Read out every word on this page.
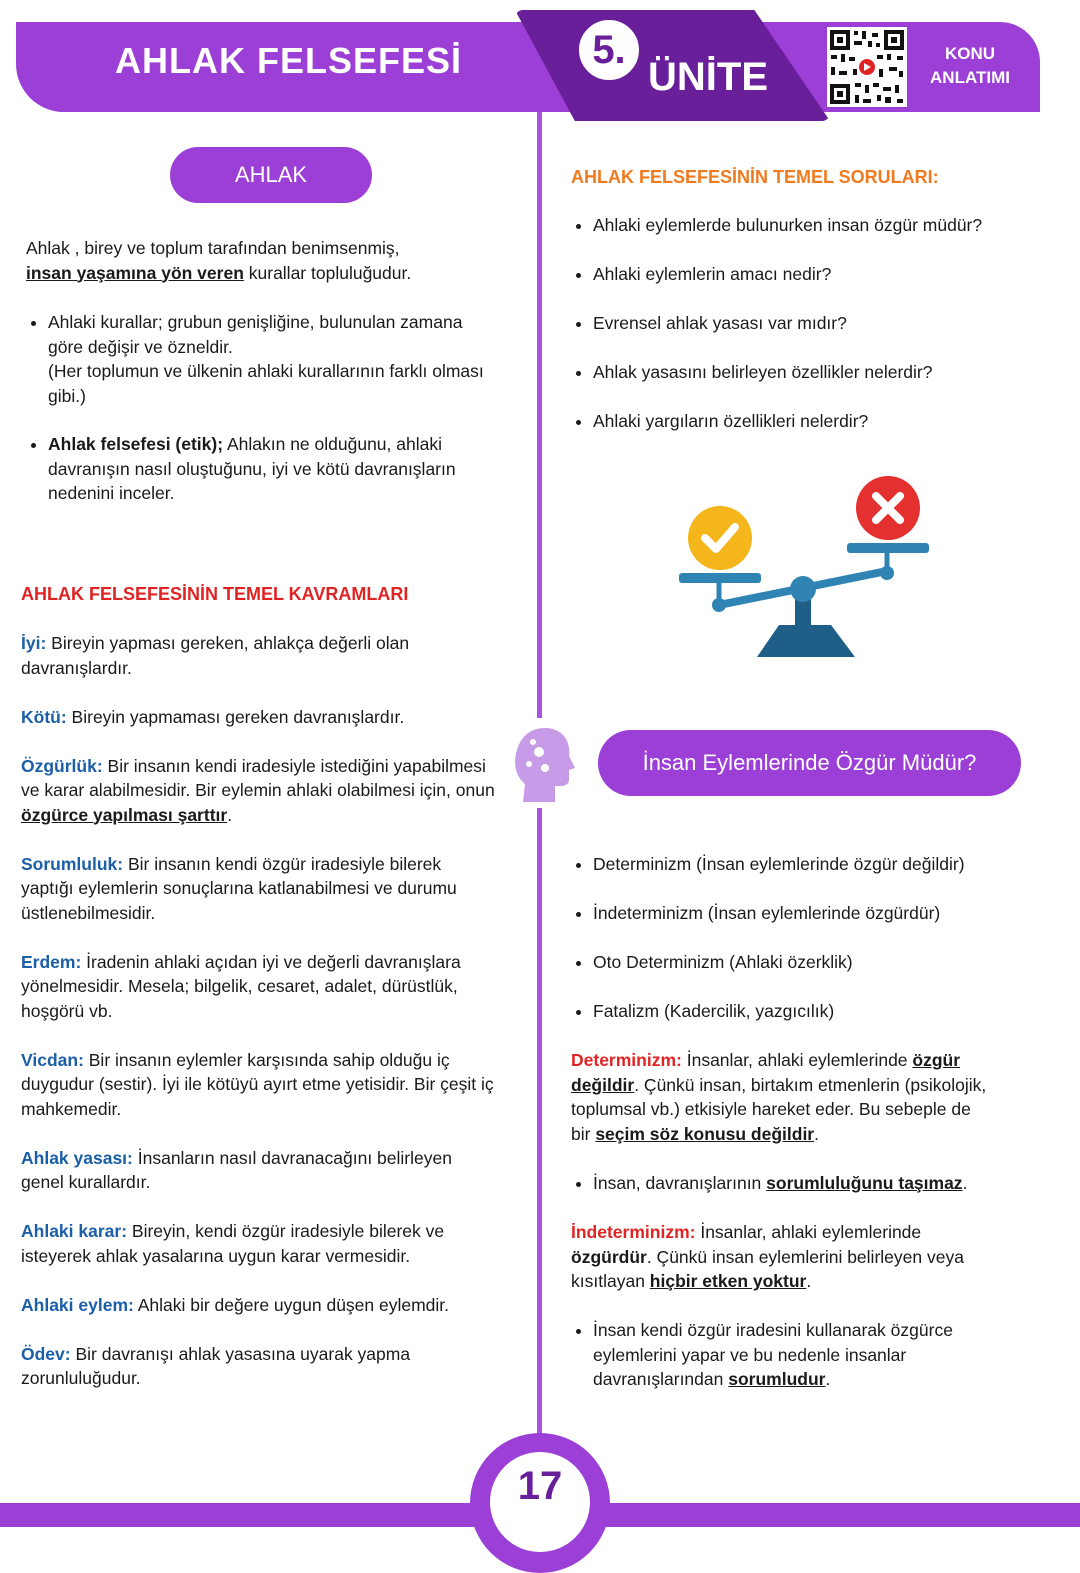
AHLAK FELSEFESİ	5.
ÜNİTE
KONU
ANLATIMI
AHLAK
Ahlak , birey ve toplum tarafından benimsenmiş,
insan yaşamına yön veren kurallar topluluğudur.
• Ahlaki kurallar; grubun genişliğine, bulunulan zamana göre değişir ve özneldir.
(Her toplumun ve ülkenin ahlaki kurallarının farklı olması gibi.)
• Ahlak felsefesi (etik); Ahlakın ne olduğunu, ahlaki davranışın nasıl oluştuğunu, iyi ve kötü davranışların nedenini inceler.
AHLAK FELSEFESİNİN TEMEL KAVRAMLARI
İyi: Bireyin yapması gereken, ahlakça değerli olan davranışlardır.
Kötü: Bireyin yapmaması gereken davranışlardır.
Özgürlük: Bir insanın kendi iradesiyle istediğini yapabilmesi ve karar alabilmesidir. Bir eylemin ahlaki olabilmesi için, onun özgürce yapılması şarttır.
Sorumluluk: Bir insanın kendi özgür iradesiyle bilerek yaptığı eylemlerin sonuçlarına katlanabilmesi ve durumu üstlenebilmesidir.
Erdem: İradenin ahlaki açıdan iyi ve değerli davranışlara yönelmesidir. Mesela; bilgelik, cesaret, adalet, dürüstlük, hoşgörü vb.
Vicdan: Bir insanın eylemler karşısında sahip olduğu iç duygudur (sestir). İyi ile kötüyü ayırt etme yetisidir. Bir çeşit iç mahkemedir.
Ahlak yasası: İnsanların nasıl davranacağını belirleyen genel kurallardır.
Ahlaki karar: Bireyin, kendi özgür iradesiyle bilerek ve isteyerek ahlak yasalarına uygun karar vermesidir.
Ahlaki eylem: Ahlaki bir değere uygun düşen eylemdir.
Ödev: Bir davranışı ahlak yasasına uyarak yapma zorunluluğudur.
AHLAK FELSEFESİNİN TEMEL SORULARI:
• Ahlaki eylemlerde bulunurken insan özgür müdür?
• Ahlaki eylemlerin amacı nedir?
• Evrensel ahlak yasası var mıdır?
• Ahlak yasasını belirleyen özellikler nelerdir?
• Ahlaki yargıların özellikleri nelerdir?
İnsan Eylemlerinde Özgür Müdür?
• Determinizm (İnsan eylemlerinde özgür değildir)
• İndeterminizm (İnsan eylemlerinde özgürdür)
• Oto Determinizm (Ahlaki özerklik)
• Fatalizm (Kadercilik, yazgıcılık)
Determinizm: İnsanlar, ahlaki eylemlerinde özgür değildir. Çünkü insan, birtakım etmenlerin (psikolojik, toplumsal vb.) etkisiyle hareket eder. Bu sebeple de bir seçim söz konusu değildir.
• İnsan, davranışlarının sorumluluğunu taşımaz.
İndeterminizm: İnsanlar, ahlaki eylemlerinde özgürdür. Çünkü insan eylemlerini belirleyen veya kısıtlayan hiçbir etken yoktur.
• İnsan kendi özgür iradesini kullanarak özgürce eylemlerini yapar ve bu nedenle insanlar davranışlarından sorumludur.
17
